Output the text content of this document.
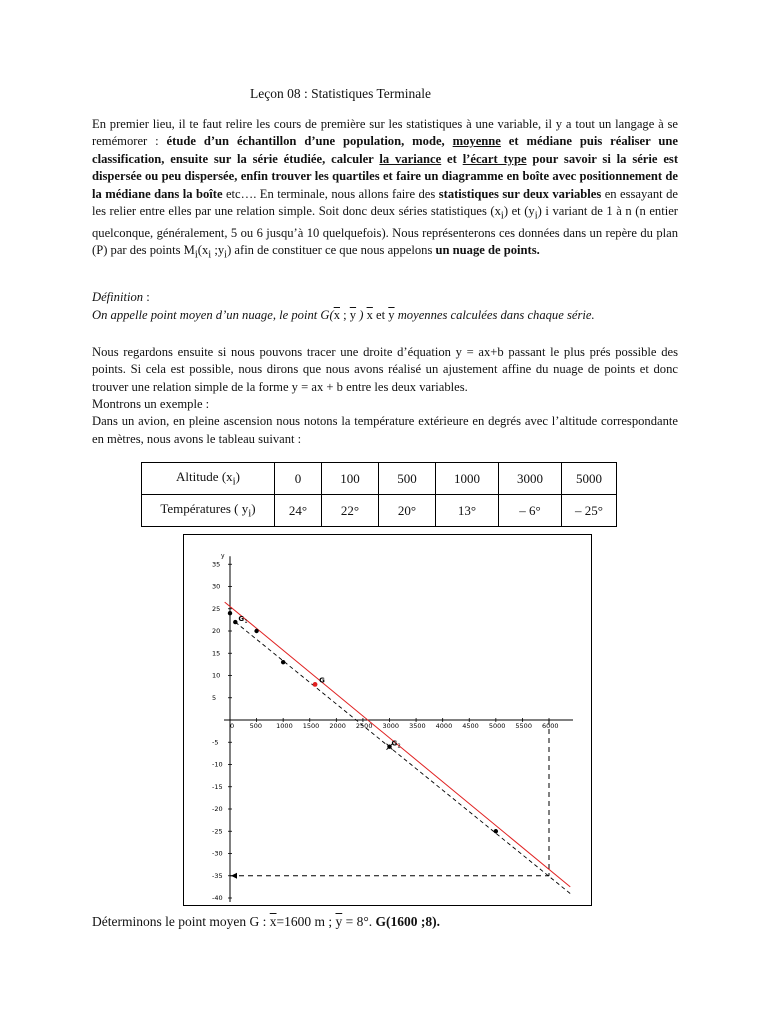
Leçon 08 : Statistiques Terminale
En premier lieu, il te faut relire les cours de première sur les statistiques à une variable, il y a tout un langage à se remémorer : étude d’un échantillon d’une population, mode, moyenne et médiane puis réaliser une classification, ensuite sur la série étudiée, calculer la variance et l’écart type pour savoir si la série est dispersée ou peu dispersée, enfin trouver les quartiles et faire un diagramme en boîte avec positionnement de la médiane dans la boîte etc…. En terminale, nous allons faire des statistiques sur deux variables en essayant de les relier entre elles par une relation simple. Soit donc deux séries statistiques $(x_i)$ et $(y_i)$ i variant de 1 à n (n entier quelconque, généralement, 5 ou 6 jusqu’à 10 quelquefois). Nous représenterons ces données dans un repère du plan (P) par des points $M_i(x_i$ $;y_i$) afin de constituer ce que nous appelons un nuage de points.
Définition :
On appelle point moyen d’un nuage, le point $G(\overline{x}$ ; $\overline{y}$ ) $\overline{x}$ et $\overline{y}$ moyennes calculées dans chaque série.
Nous regardons ensuite si nous pouvons tracer une droite d’équation y = ax+b passant le plus prés possible des points. Si cela est possible, nous dirons que nous avons réalisé un ajustement affine du nuage de points et donc trouver une relation simple de la forme y = ax + b entre les deux variables.
Montrons un exemple :
Dans un avion, en pleine ascension nous notons la température extérieure en degrés avec l’altitude correspondante en mètres, nous avons le tableau suivant :
Altitude $(x_i)$	0	100	500	1000	3000	5000
Températures ( $y_i$)	24°	22°	20°	13°	– 6°	– 25°
y
0 500 1000 1500 2000 2500 3000 3500 4000 4500 5000 5500 6000
35
30
25
20
15
10
5
-5
-10
-15
-20
-25
-30
-35
-40
G
G 1
G 2
Déterminons le point moyen G : $\overline{x}=1600$ m ; $\overline{y} = 8^\circ$. G(1600 ;8).
